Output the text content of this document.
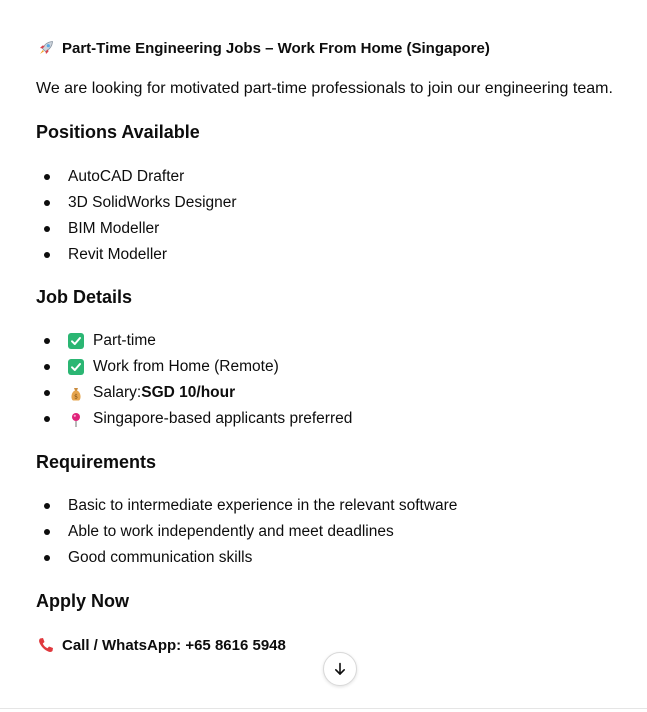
Part-Time Engineering Jobs – Work From Home (Singapore)
We are looking for motivated part-time professionals to join our engineering team.
Positions Available
AutoCAD Drafter
3D SolidWorks Designer
BIM Modeller
Revit Modeller
Job Details
Part-time
Work from Home (Remote)
$ Salary: SGD 10/hour
Singapore-based applicants preferred
Requirements
Basic to intermediate experience in the relevant software
Able to work independently and meet deadlines
Good communication skills
Apply Now
Call / WhatsApp: +65 8616 5948
